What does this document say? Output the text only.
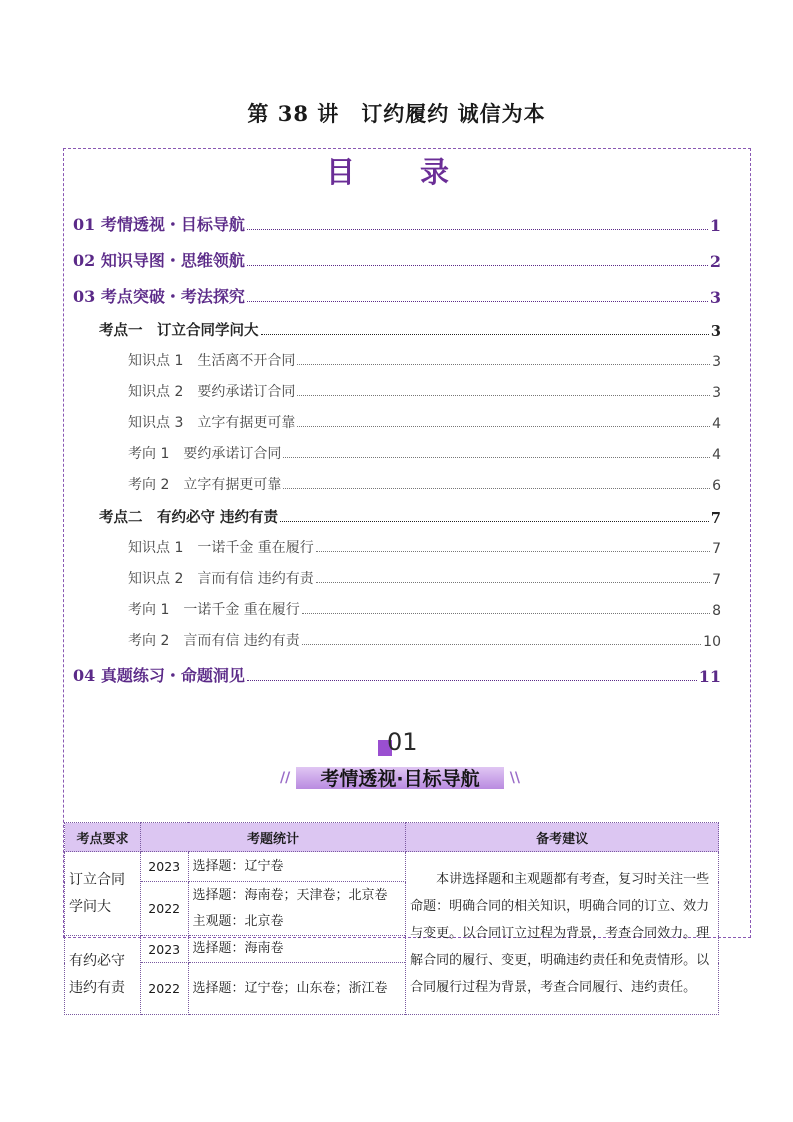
第 38 讲　订约履约 诚信为本
目　录
01 考情透视・目标导航	1
02 知识导图・思维领航	2
03 考点突破・考法探究	3
考点一　订立合同学问大	3
知识点 1　生活离不开合同	3
知识点 2　要约承诺订合同	3
知识点 3　立字有据更可靠	4
考向 1　要约承诺订合同	4
考向 2　立字有据更可靠	6
考点二　有约必守 违约有责	7
知识点 1　一诺千金 重在履行	7
知识点 2　言而有信 违约有责	7
考向 1　一诺千金 重在履行	8
考向 2　言而有信 违约有责	10
04 真题练习・命题洞见	11
01
//	\\
考情透视·目标导航
考点要求	考题统计		备考建议
订立合同学问大	2023	选择题：辽宁卷	本讲选择题和主观题都有考查，复习时关注一些命题：明确合同的相关知识，明确合同的订立、效力与变更。以合同订立过程为背景，考查合同效力。理解合同的履行、变更，明确违约责任和免责情形。以合同履行过程为背景，考查合同履行、违约责任。
	2022	选择题：海南卷；天津卷；北京卷 主观题：北京卷	
有约必守违约有责	2023	选择题：海南卷	
	2022	选择题：辽宁卷；山东卷；浙江卷	
